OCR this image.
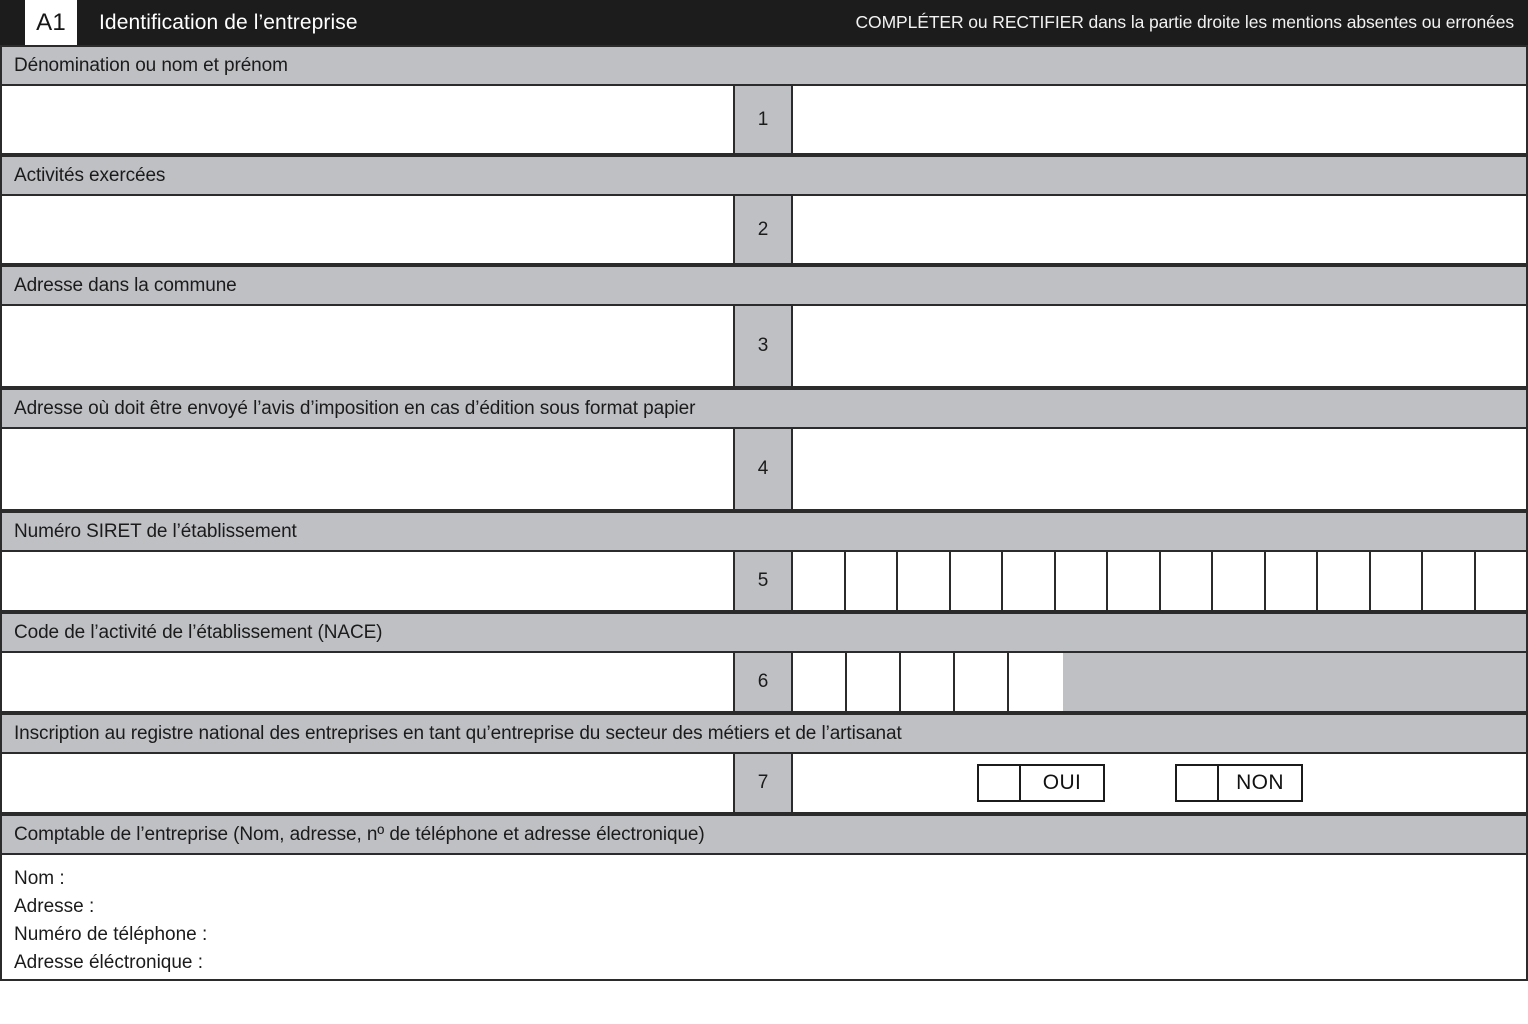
A1	Identification de l’entreprise	COMPLÉTER ou RECTIFIER dans la partie droite les mentions absentes ou erronées
Dénomination ou nom et prénom
1
Activités exercées
2
Adresse dans la commune
3
Adresse où doit être envoyé l’avis d’imposition en cas d’édition sous format papier
4
Numéro SIRET de l’établissement
5
Code de l’activité de l’établissement (NACE)
6
Inscription au registre national des entreprises en tant qu’entreprise du secteur des métiers et de l’artisanat
7	OUI	NON
Comptable de l’entreprise (Nom, adresse, nº de téléphone et adresse électronique)
Nom :
Adresse :
Numéro de téléphone :
Adresse éléctronique :
